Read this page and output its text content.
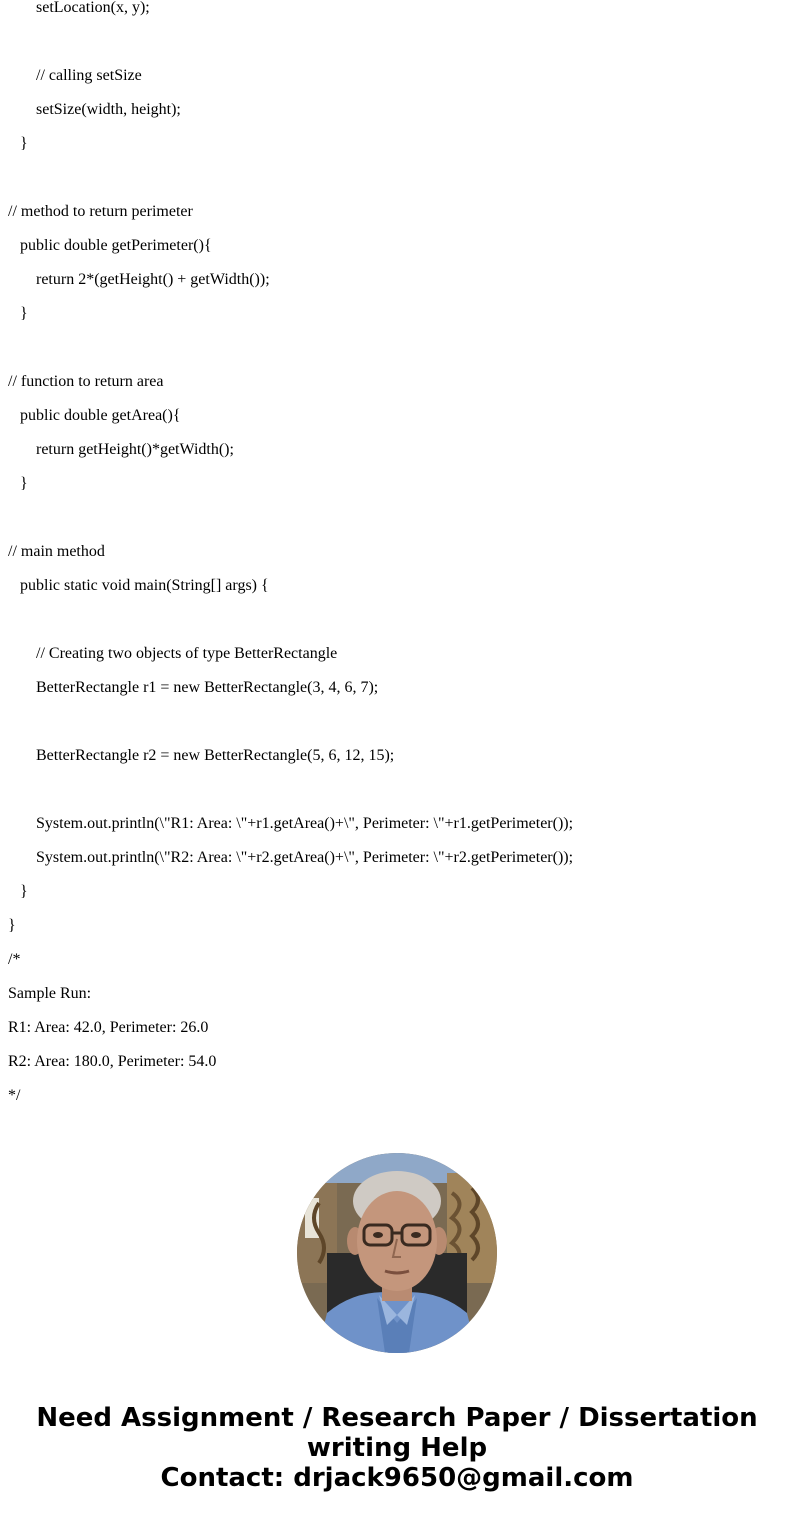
setLocation(x, y);
// calling setSize
setSize(width, height);
}
// method to return perimeter
public double getPerimeter(){
return 2*(getHeight() + getWidth());
}
// function to return area
public double getArea(){
return getHeight()*getWidth();
}
// main method
public static void main(String[] args) {
// Creating two objects of type BetterRectangle
BetterRectangle r1 = new BetterRectangle(3, 4, 6, 7);
BetterRectangle r2 = new BetterRectangle(5, 6, 12, 15);
System.out.println(\"R1: Area: \"+r1.getArea()+\", Perimeter: \"+r1.getPerimeter());
System.out.println(\"R2: Area: \"+r2.getArea()+\", Perimeter: \"+r2.getPerimeter());
}
}
/*
Sample Run:
R1: Area: 42.0, Perimeter: 26.0
R2: Area: 180.0, Perimeter: 54.0
*/
Need Assignment / Research Paper / Dissertation
writing Help
Contact: drjack9650@gmail.com
